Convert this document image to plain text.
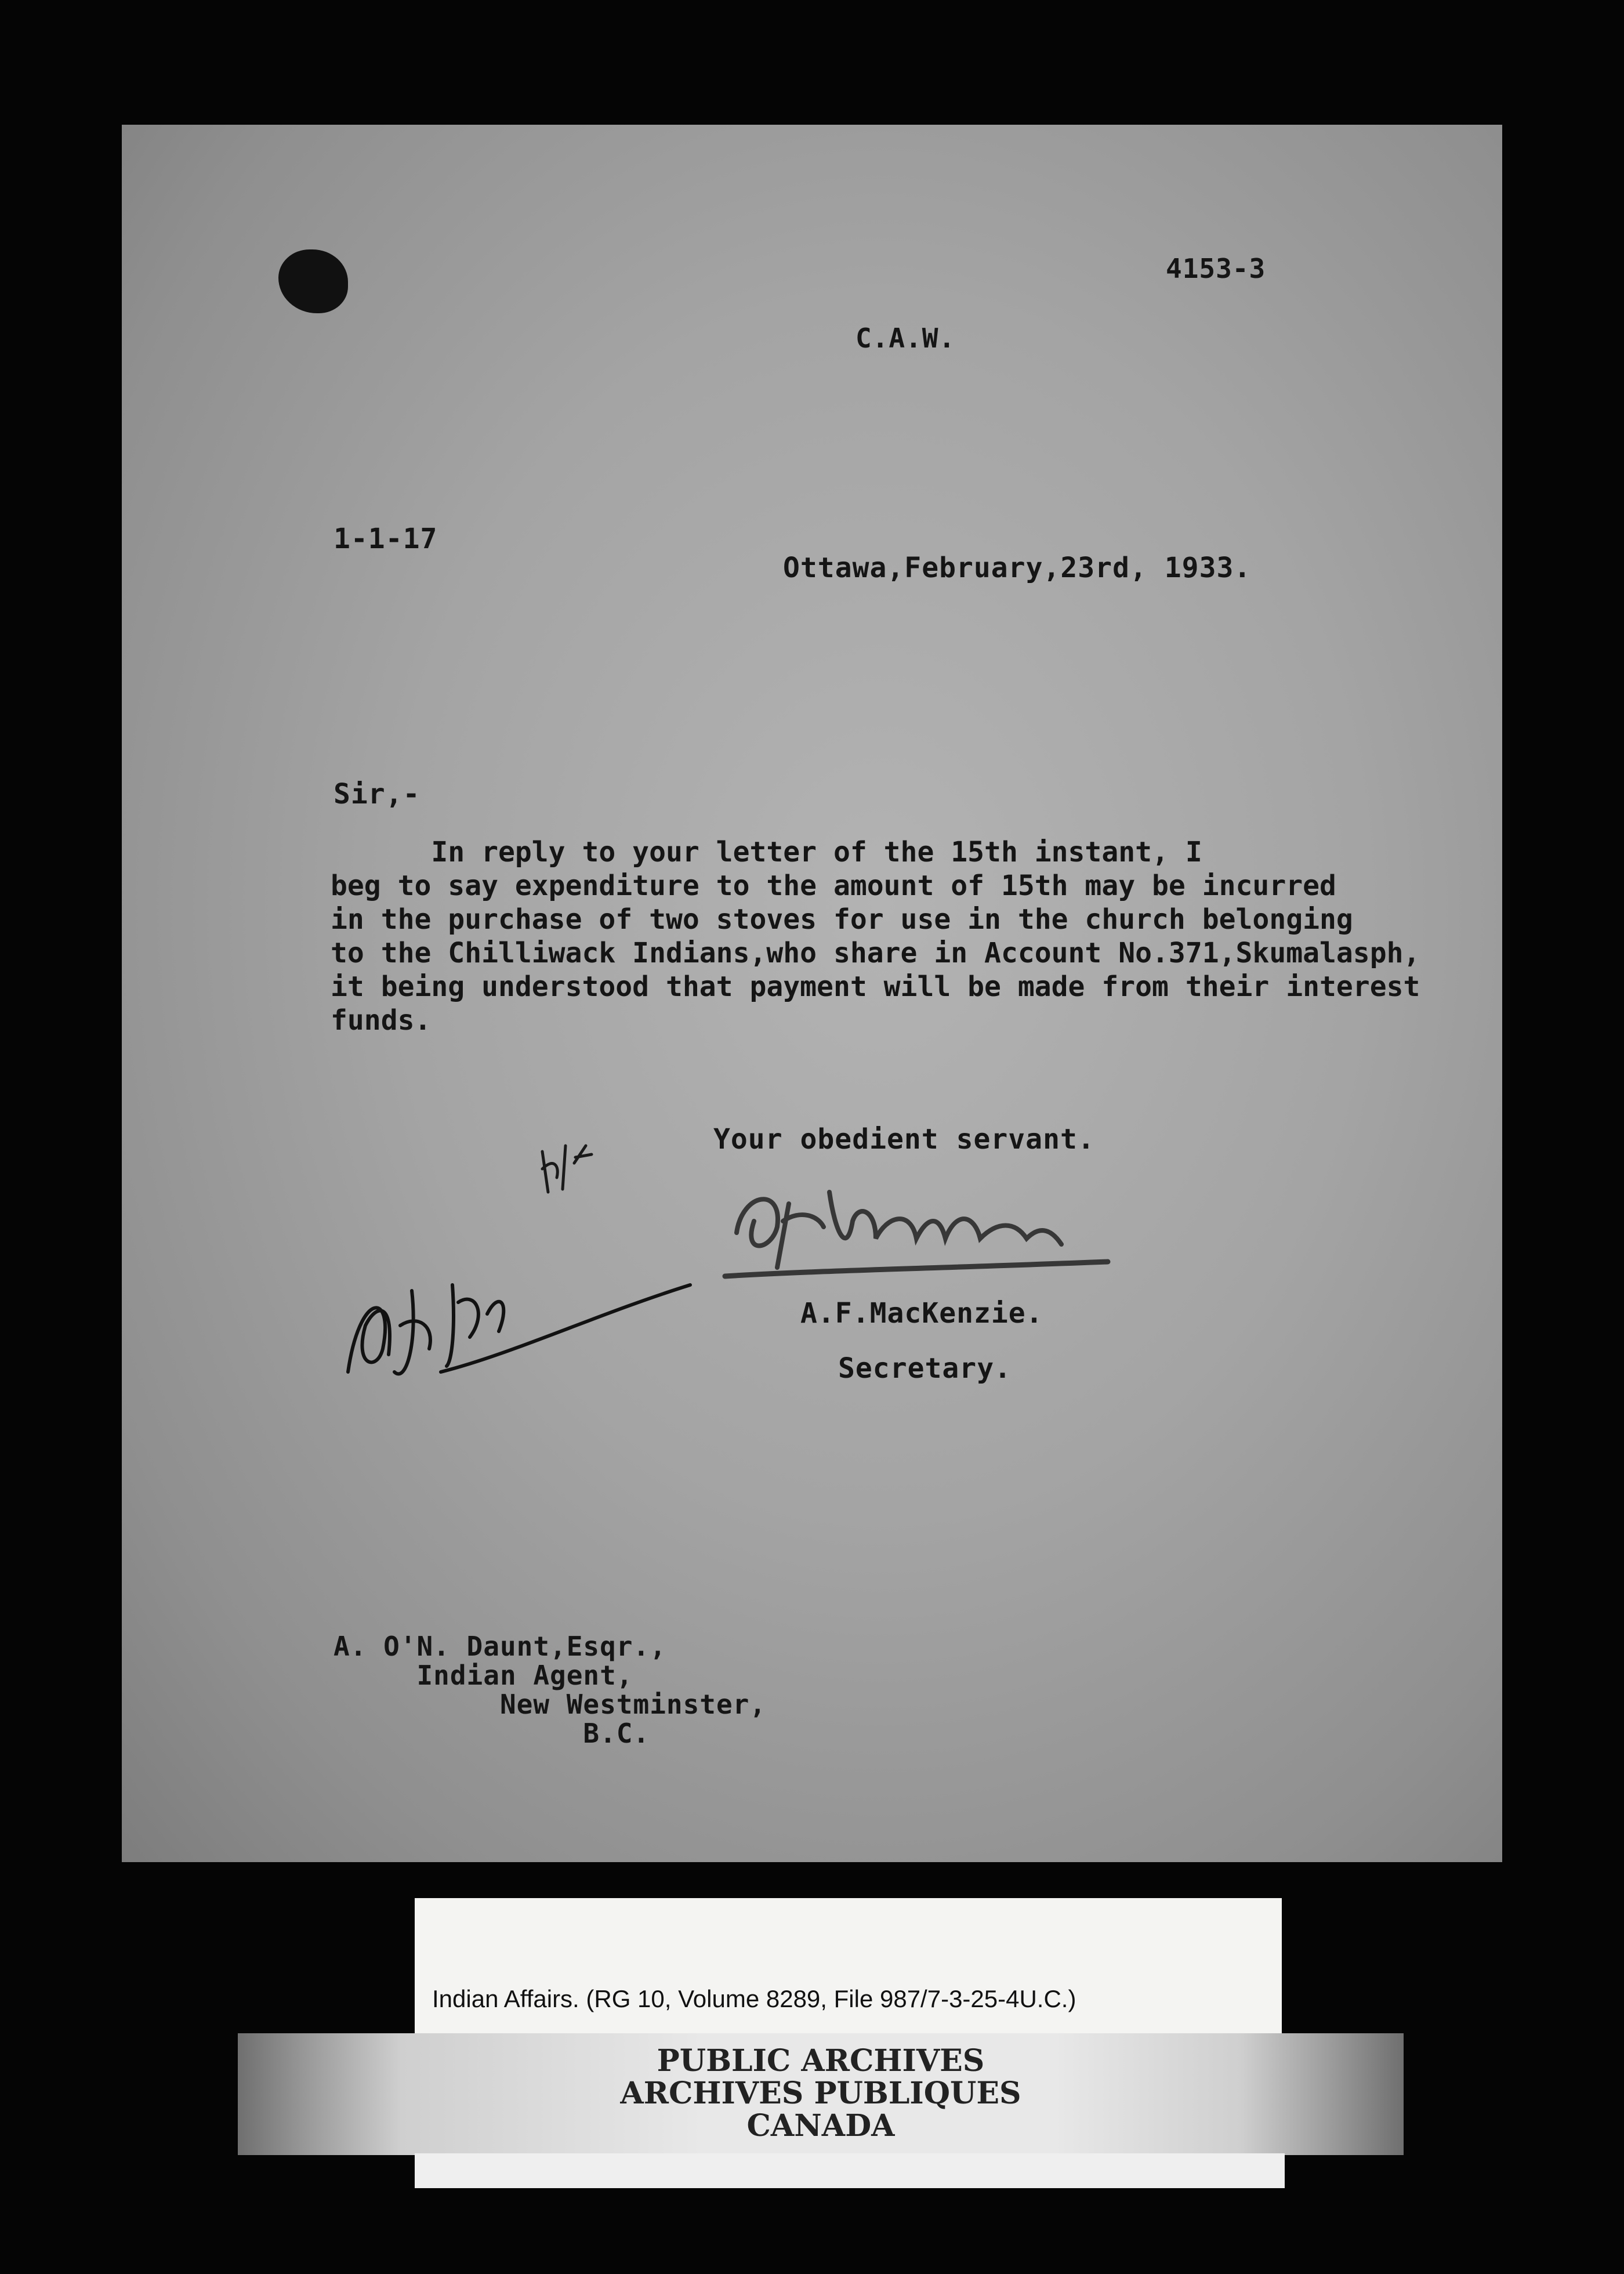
4153-3
C.A.W.
1-1-17
Ottawa,February,23rd, 1933.
Sir,-
In reply to your letter of the 15th instant, I
beg to say expenditure to the amount of 15th may be incurred
in the purchase of two stoves for use in the church belonging
to the Chilliwack Indians,who share in Account No.371,Skumalasph,
it being understood that payment will be made from their interest
funds.
Your obedient servant.
A.F.MacKenzie.
Secretary.
A. O'N. Daunt,Esqr.,
Indian Agent,
New Westminster,
B.C.
Indian Affairs. (RG 10, Volume 8289, File 987/7-3-25-4U.C.)
PUBLIC ARCHIVES
ARCHIVES PUBLIQUES
CANADA
